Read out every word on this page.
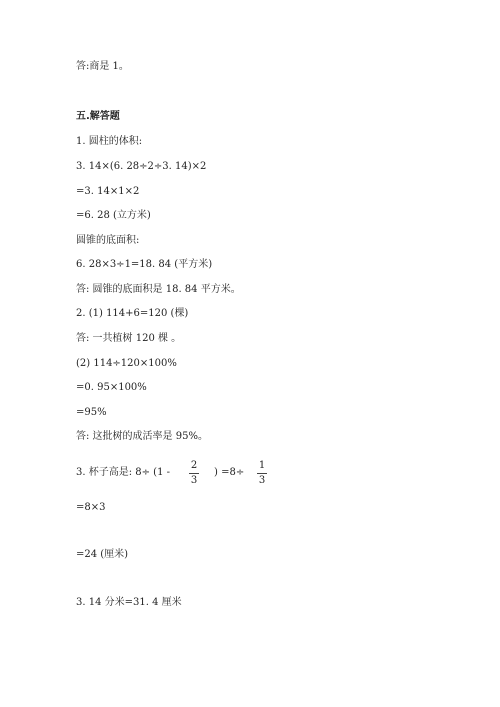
答:商是 1。
五.解答题
1. 圆柱的体积:
3. 14×(6. 28÷2÷3. 14)×2
=3. 14×1×2
=6. 28 (立方米)
圆锥的底面积:
6. 28×3÷1=18. 84 (平方米)
答: 圆锥的底面积是 18. 84 平方米。
2. (1) 114+6=120 (棵)
答: 一共植树 120 棵 。
(2) 114÷120×100%
=0. 95×100%
=95%
答: 这批树的成活率是 95%。
3. 杯子高是: 8÷ (1 -
2
3
) =8÷
1
3
=8×3
=24 (厘米)
3. 14 分米=31. 4 厘米
